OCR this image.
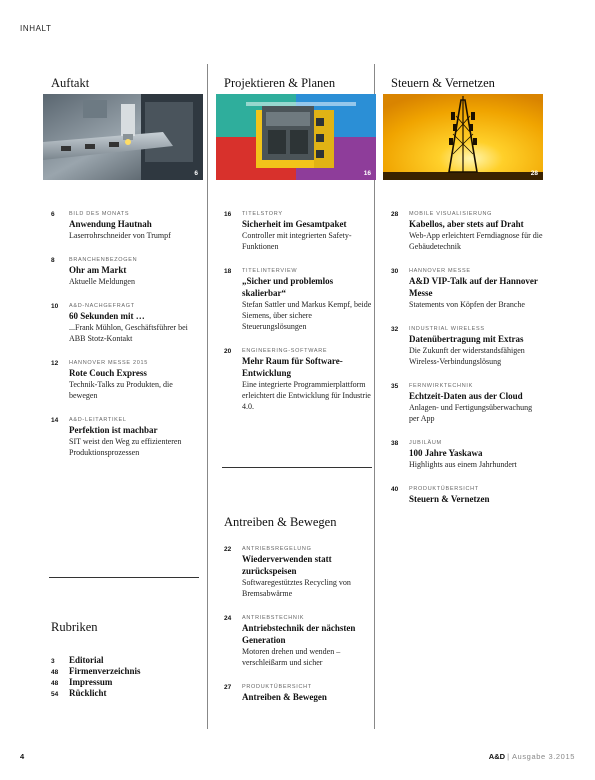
INHALT
Auftakt
6
6	BILD DES MONATS
Anwendung Hautnah
Laserrohrschneider von Trumpf
8	BRANCHENBEZOGEN
Ohr am Markt
Aktuelle Meldungen
10 A&D-NACHGEFRAGT
60 Sekunden mit …
...Frank Mühlon, Geschäftsführer bei ABB Stotz-Kontakt
12 HANNOVER MESSE 2015
Rote Couch Express
Technik-Talks zu Produkten, die bewegen
14 A&D-LEITARTIKEL
Perfektion ist machbar
SIT weist den Weg zu effizienteren Produktionsprozessen
Rubriken
3 Editorial
48 Firmenverzeichnis
48 Impressum
54 Rücklicht
Projektieren & Planen
16
16 TITELSTORY
Sicherheit im Gesamtpaket
Controller mit integrierten Safety-Funktionen
18 TITELINTERVIEW
„Sicher und problemlos skalierbar“
Stefan Sattler und Markus Kempf, beide Siemens, über sichere Steuerungslösungen
20 ENGINEERING-SOFTWARE
Mehr Raum für Software-Entwicklung
Eine integrierte Programmierplattform erleichtert die Entwicklung für Industrie 4.0.
Antreiben & Bewegen
22 ANTRIEBSREGELUNG
Wiederverwenden statt zurückspeisen
Softwaregestütztes Recycling von Bremsabwärme
24 ANTRIEBSTECHNIK
Antriebstechnik der nächsten Generation
Motoren drehen und wenden – verschleißarm und sicher
27 PRODUKTÜBERSICHT
Antreiben & Bewegen
Steuern & Vernetzen
28
28 MOBILE VISUALISIERUNG
Kabellos, aber stets auf Draht
Web-App erleichtert Ferndiagnose für die Gebäudetechnik
30 HANNOVER MESSE
A&D VIP-Talk auf der Hannover Messe
Statements von Köpfen der Branche
32 INDUSTRIAL WIRELESS
Datenübertragung mit Extras
Die Zukunft der widerstandsfähigen Wireless-Verbindungslösung
35 FERNWIRKTECHNIK
Echtzeit-Daten aus der Cloud
Anlagen- und Fertigungsüberwachung per App
38 JUBILÄUM
100 Jahre Yaskawa
Highlights aus einem Jahrhundert
40 PRODUKTÜBERSICHT
Steuern & Vernetzen
4	A&D | Ausgabe 3.2015
